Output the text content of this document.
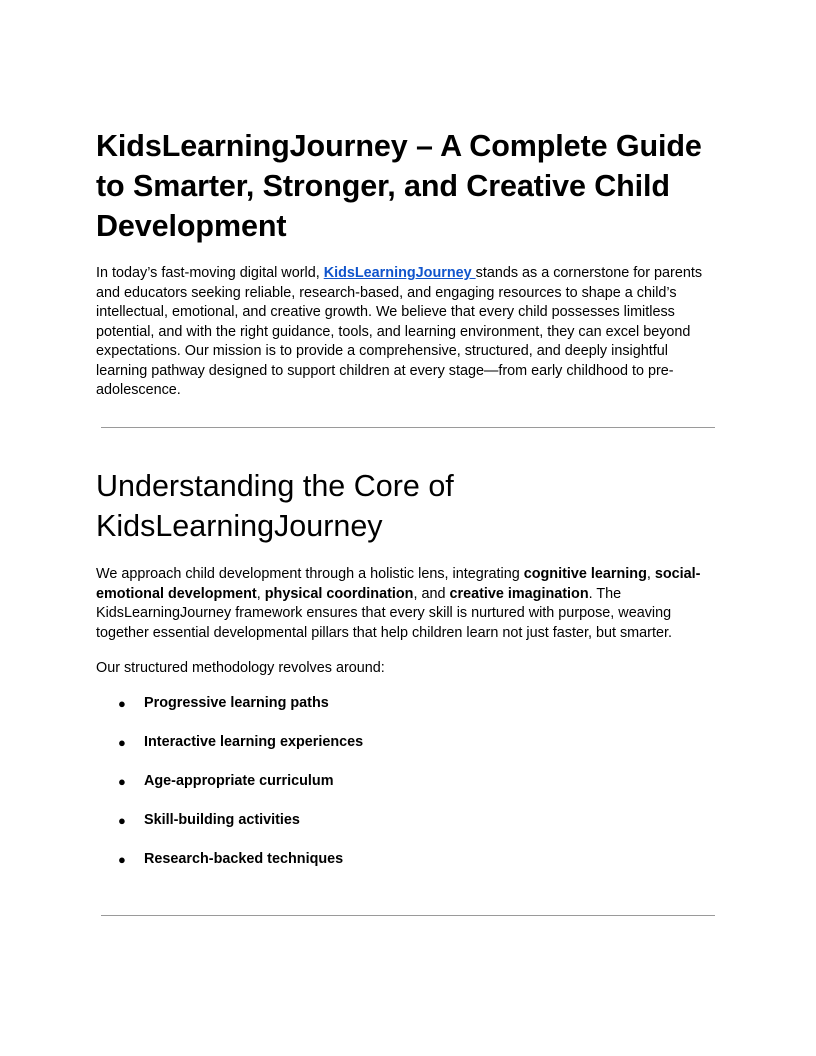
KidsLearningJourney – A Complete Guide to Smarter, Stronger, and Creative Child Development

In today’s fast-moving digital world, KidsLearningJourney stands as a cornerstone for parents and educators seeking reliable, research-based, and engaging resources to shape a child’s intellectual, emotional, and creative growth. We believe that every child possesses limitless potential, and with the right guidance, tools, and learning environment, they can excel beyond expectations. Our mission is to provide a comprehensive, structured, and deeply insightful learning pathway designed to support children at every stage—from early childhood to pre-adolescence.

Understanding the Core of KidsLearningJourney

We approach child development through a holistic lens, integrating cognitive learning, social-emotional development, physical coordination, and creative imagination. The KidsLearningJourney framework ensures that every skill is nurtured with purpose, weaving together essential developmental pillars that help children learn not just faster, but smarter.

Our structured methodology revolves around:

● Progressive learning paths
● Interactive learning experiences
● Age-appropriate curriculum
● Skill-building activities
● Research-backed techniques
